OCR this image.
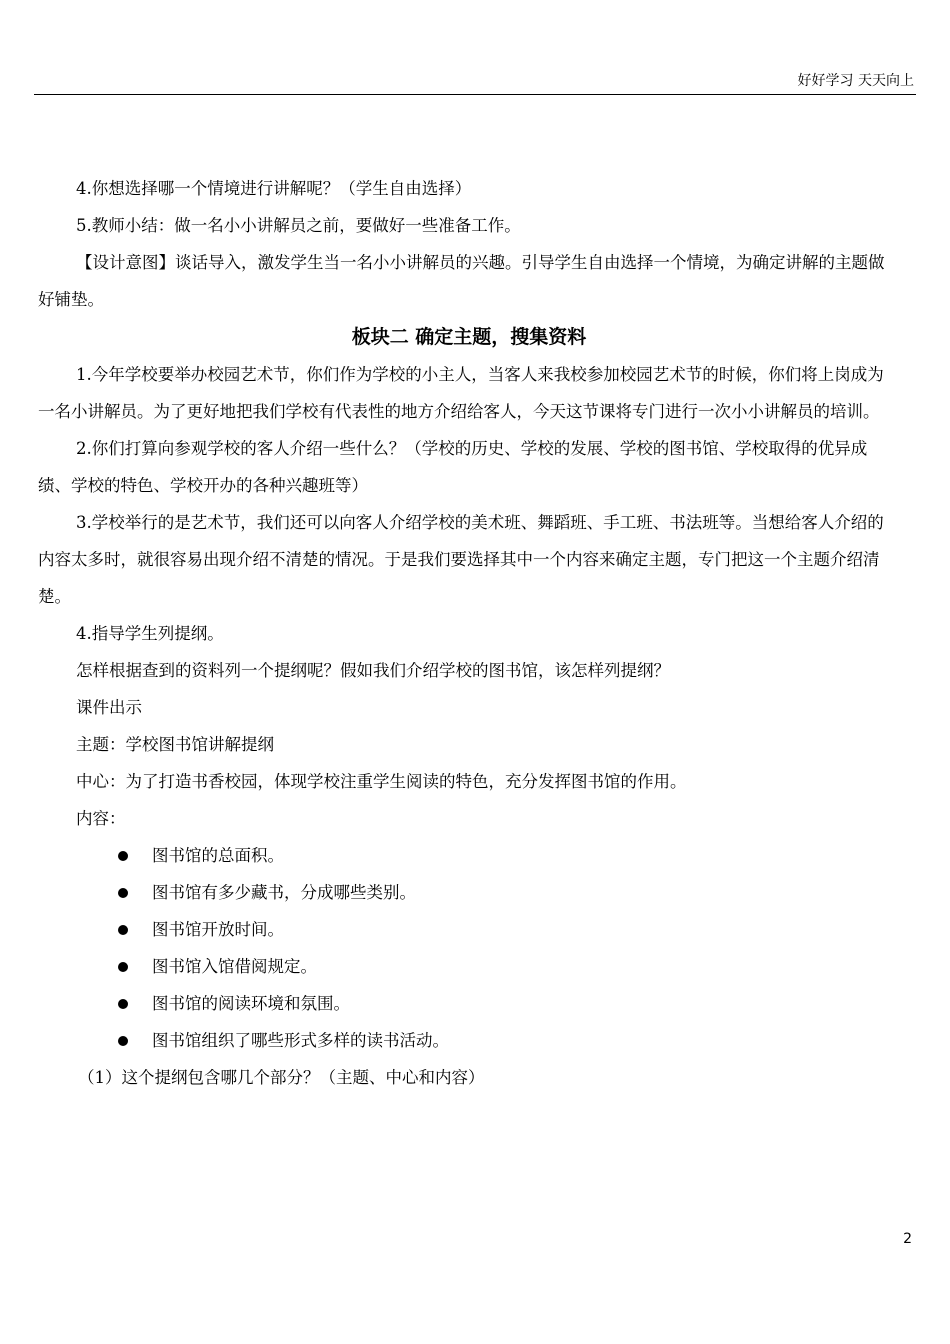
好好学习 天天向上

4.你想选择哪一个情境进行讲解呢？（学生自由选择）

5.教师小结：做一名小小讲解员之前，要做好一些准备工作。

【设计意图】谈话导入，激发学生当一名小小讲解员的兴趣。引导学生自由选择一个情境，为确定讲解的主题做好铺垫。

板块二 确定主题，搜集资料

1.今年学校要举办校园艺术节，你们作为学校的小主人，当客人来我校参加校园艺术节的时候，你们将上岗成为一名小讲解员。为了更好地把我们学校有代表性的地方介绍给客人，今天这节课将专门进行一次小小讲解员的培训。

2.你们打算向参观学校的客人介绍一些什么？（学校的历史、学校的发展、学校的图书馆、学校取得的优异成绩、学校的特色、学校开办的各种兴趣班等）

3.学校举行的是艺术节，我们还可以向客人介绍学校的美术班、舞蹈班、手工班、书法班等。当想给客人介绍的内容太多时，就很容易出现介绍不清楚的情况。于是我们要选择其中一个内容来确定主题，专门把这一个主题介绍清楚。

4.指导学生列提纲。

怎样根据查到的资料列一个提纲呢？假如我们介绍学校的图书馆，该怎样列提纲？

课件出示

主题：学校图书馆讲解提纲

中心：为了打造书香校园，体现学校注重学生阅读的特色，充分发挥图书馆的作用。

内容：

图书馆的总面积。
图书馆有多少藏书，分成哪些类别。
图书馆开放时间。
图书馆入馆借阅规定。
图书馆的阅读环境和氛围。
图书馆组织了哪些形式多样的读书活动。

（1）这个提纲包含哪几个部分？（主题、中心和内容）

2
